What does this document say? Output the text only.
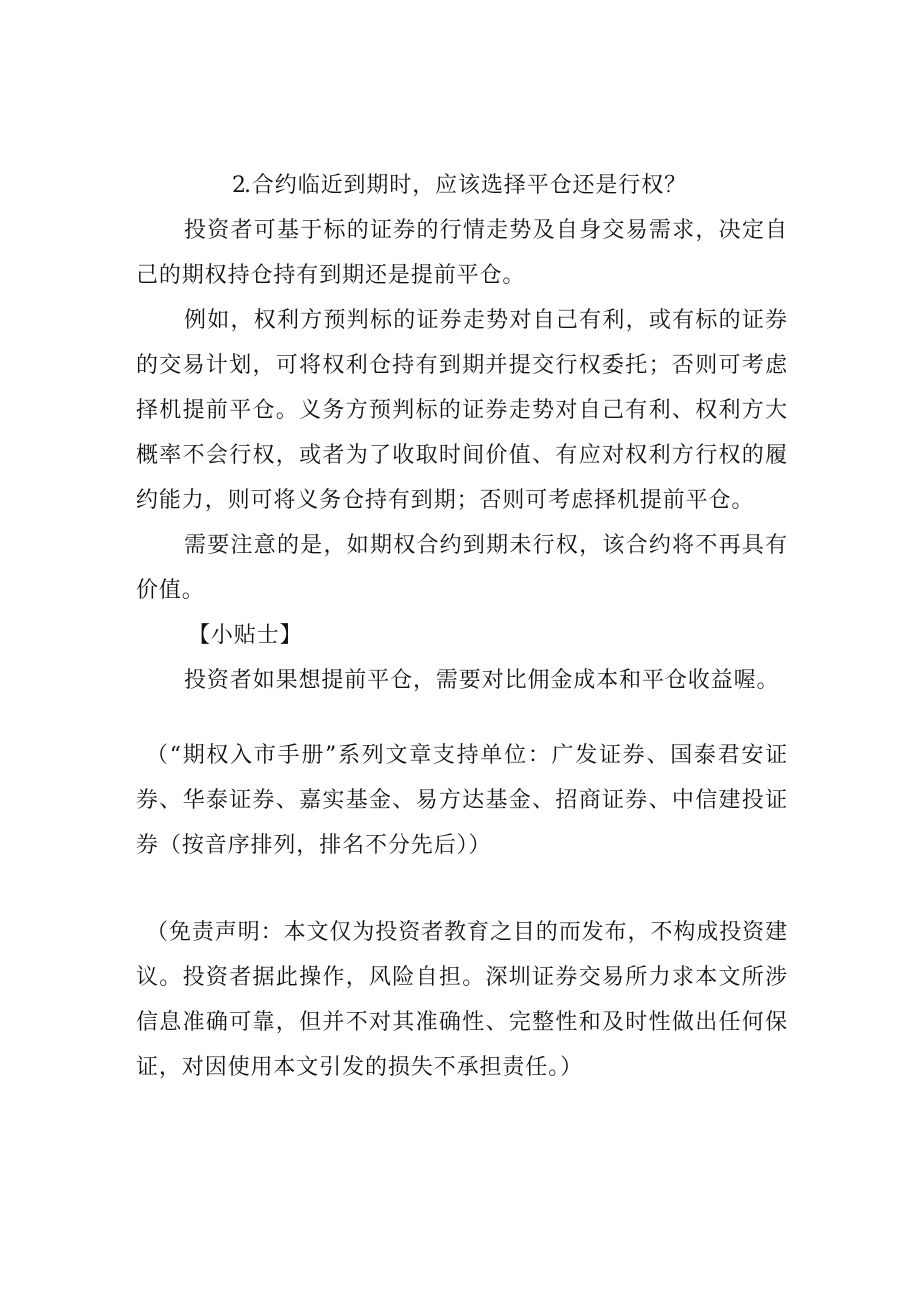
2.合约临近到期时，应该选择平仓还是行权？

投资者可基于标的证券的行情走势及自身交易需求，决定自己的期权持仓持有到期还是提前平仓。

例如，权利方预判标的证券走势对自己有利，或有标的证券的交易计划，可将权利仓持有到期并提交行权委托；否则可考虑择机提前平仓。义务方预判标的证券走势对自己有利、权利方大概率不会行权，或者为了收取时间价值、有应对权利方行权的履约能力，则可将义务仓持有到期；否则可考虑择机提前平仓。

需要注意的是，如期权合约到期未行权，该合约将不再具有价值。

【小贴士】

投资者如果想提前平仓，需要对比佣金成本和平仓收益喔。

（“期权入市手册”系列文章支持单位：广发证券、国泰君安证券、华泰证券、嘉实基金、易方达基金、招商证券、中信建投证券（按音序排列，排名不分先后））

（免责声明：本文仅为投资者教育之目的而发布，不构成投资建议。投资者据此操作，风险自担。深圳证券交易所力求本文所涉信息准确可靠，但并不对其准确性、完整性和及时性做出任何保证，对因使用本文引发的损失不承担责任。）
